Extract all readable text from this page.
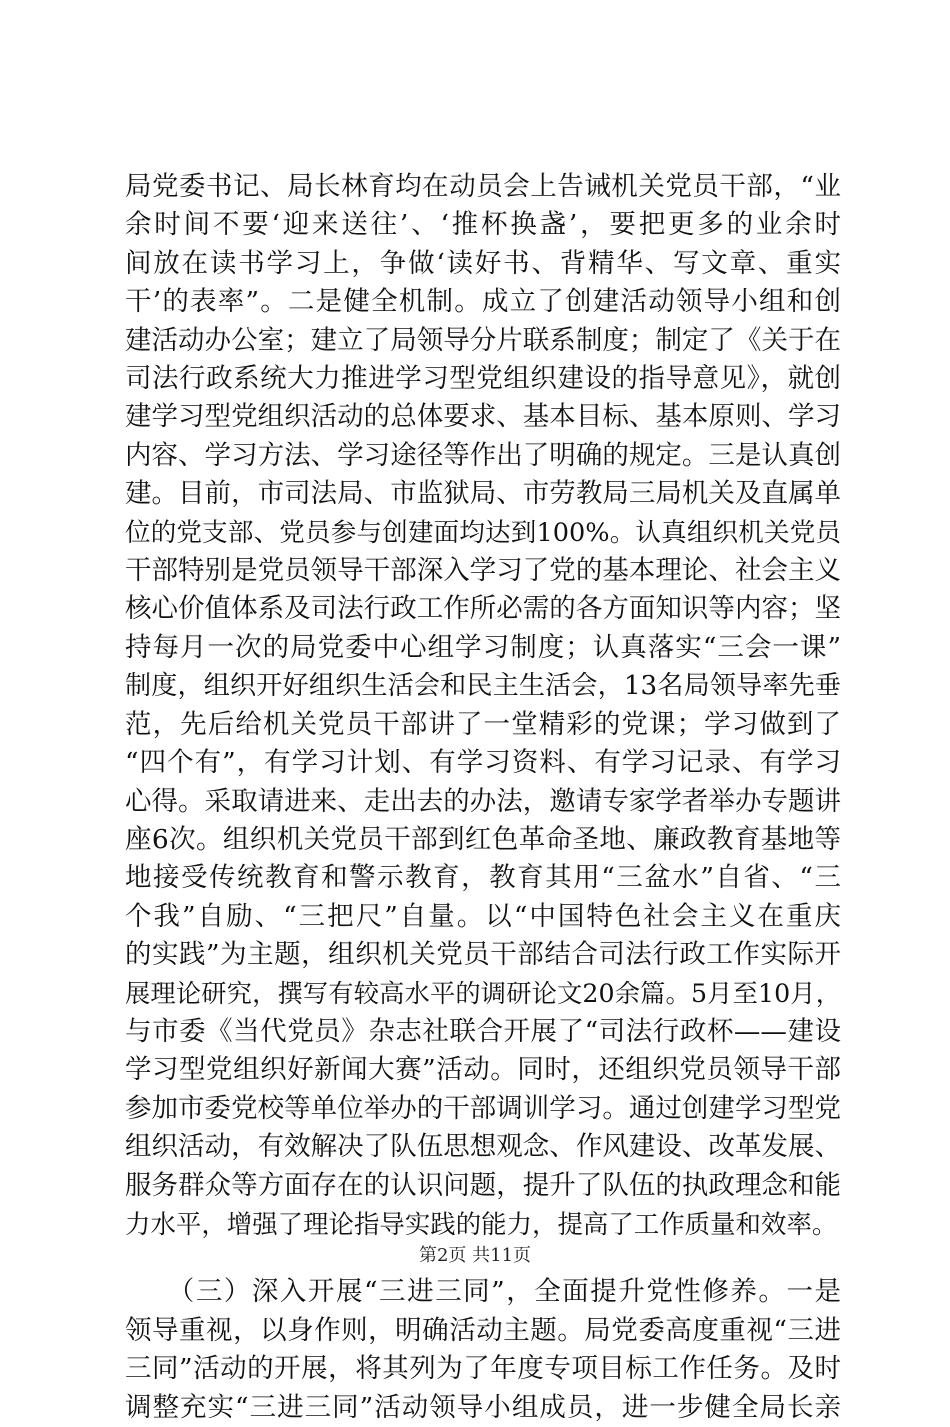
局党委书记、局长林育均在动员会上告诫机关党员干部，“业
余时间不要‘迎来送往’、‘推杯换盏’，要把更多的业余时
间放在读书学习上，争做‘读好书、背精华、写文章、重实
干’的表率”。二是健全机制。成立了创建活动领导小组和创
建活动办公室；建立了局领导分片联系制度；制定了《关于在
司法行政系统大力推进学习型党组织建设的指导意见》，就创
建学习型党组织活动的总体要求、基本目标、基本原则、学习
内容、学习方法、学习途径等作出了明确的规定。三是认真创
建。目前，市司法局、市监狱局、市劳教局三局机关及直属单
位的党支部、党员参与创建面均达到100%。认真组织机关党员
干部特别是党员领导干部深入学习了党的基本理论、社会主义
核心价值体系及司法行政工作所必需的各方面知识等内容；坚
持每月一次的局党委中心组学习制度；认真落实“三会一课”
制度，组织开好组织生活会和民主生活会，13名局领导率先垂
范，先后给机关党员干部讲了一堂精彩的党课；学习做到了
“四个有”，有学习计划、有学习资料、有学习记录、有学习
心得。采取请进来、走出去的办法，邀请专家学者举办专题讲
座6次。组织机关党员干部到红色革命圣地、廉政教育基地等
地接受传统教育和警示教育，教育其用“三盆水”自省、“三
个我”自励、“三把尺”自量。以“中国特色社会主义在重庆
的实践”为主题，组织机关党员干部结合司法行政工作实际开
展理论研究，撰写有较高水平的调研论文20余篇。5月至10月，
与市委《当代党员》杂志社联合开展了“司法行政杯——建设
学习型党组织好新闻大赛”活动。同时，还组织党员领导干部
参加市委党校等单位举办的干部调训学习。通过创建学习型党
组织活动，有效解决了队伍思想观念、作风建设、改革发展、
服务群众等方面存在的认识问题，提升了队伍的执政理念和能
力水平，增强了理论指导实践的能力，提高了工作质量和效率。

　　（三）深入开展“三进三同”，全面提升党性修养。一是
领导重视，以身作则，明确活动主题。局党委高度重视“三进
三同”活动的开展，将其列为了年度专项目标工作任务。及时
调整充实“三进三同”活动领导小组成员，进一步健全局长亲

第2页 共11页
